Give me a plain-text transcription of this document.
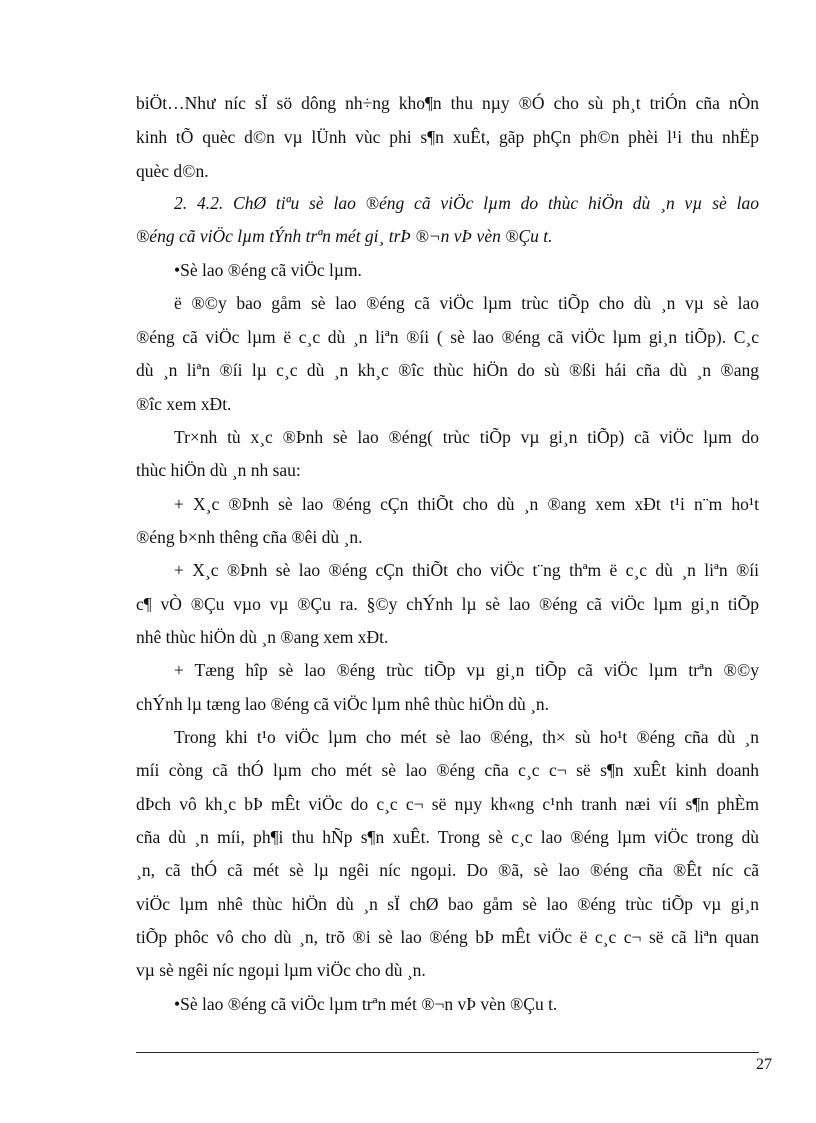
biÖt…Như níc sÏ sö dông nh÷ng kho¶n thu nµy ®Ó cho sù ph¸t triÓn cña nÒn
kinh tÕ quèc d©n vµ lÜnh vùc phi s¶n xuÊt, gãp phÇn ph©n phèi l¹i thu nhËp
quèc d©n.
2. 4.2. ChØ tiªu sè lao ®éng cã viÖc lµm do thùc hiÖn dù ¸n vµ sè lao
®éng cã viÖc lµm tÝnh trªn mét gi¸ trÞ ®¬n vÞ vèn ®Çu t.
•Sè lao ®éng cã viÖc lµm.
ë ®©y bao gåm sè lao ®éng cã viÖc lµm trùc tiÕp cho dù ¸n vµ sè lao
®éng cã viÖc lµm ë c¸c dù ¸n liªn ®íi ( sè lao ®éng cã viÖc lµm gi¸n tiÕp). C¸c
dù ¸n liªn ®íi lµ c¸c dù ¸n kh¸c ®îc thùc hiÖn do sù ®ßi hái cña dù ¸n ®ang
®îc xem xÐt.
Tr×nh tù x¸c ®Þnh sè lao ®éng( trùc tiÕp vµ gi¸n tiÕp) cã viÖc lµm do
thùc hiÖn dù ¸n nh sau:
+ X¸c ®Þnh sè lao ®éng cÇn thiÕt cho dù ¸n ®ang xem xÐt t¹i n¨m ho¹t
®éng b×nh thêng cña ®êi dù ¸n.
+ X¸c ®Þnh sè lao ®éng cÇn thiÕt cho viÖc t¨ng thªm ë c¸c dù ¸n liªn ®íi
c¶ vÒ ®Çu vµo vµ ®Çu ra. §©y chÝnh lµ sè lao ®éng cã viÖc lµm gi¸n tiÕp
nhê thùc hiÖn dù ¸n ®ang xem xÐt.
+ Tæng hîp sè lao ®éng trùc tiÕp vµ gi¸n tiÕp cã viÖc lµm trªn ®©y
chÝnh lµ tæng lao ®éng cã viÖc lµm nhê thùc hiÖn dù ¸n.
Trong khi t¹o viÖc lµm cho mét sè lao ®éng, th× sù ho¹t ®éng cña dù ¸n
míi còng cã thÓ lµm cho mét sè lao ®éng cña c¸c c¬ së s¶n xuÊt kinh doanh
dÞch vô kh¸c bÞ mÊt viÖc do c¸c c¬ së nµy kh«ng c¹nh tranh næi víi s¶n phÈm
cña dù ¸n míi, ph¶i thu hÑp s¶n xuÊt. Trong sè c¸c lao ®éng lµm viÖc trong dù
¸n, cã thÓ cã mét sè lµ ngêi níc ngoµi. Do ®ã, sè lao ®éng cña ®Êt níc cã
viÖc lµm nhê thùc hiÖn dù ¸n sÏ chØ bao gåm sè lao ®éng trùc tiÕp vµ gi¸n
tiÕp phôc vô cho dù ¸n, trõ ®i sè lao ®éng bÞ mÊt viÖc ë c¸c c¬ së cã liªn quan
vµ sè ngêi níc ngoµi lµm viÖc cho dù ¸n.
•Sè lao ®éng cã viÖc lµm trªn mét ®¬n vÞ vèn ®Çu t.
27
